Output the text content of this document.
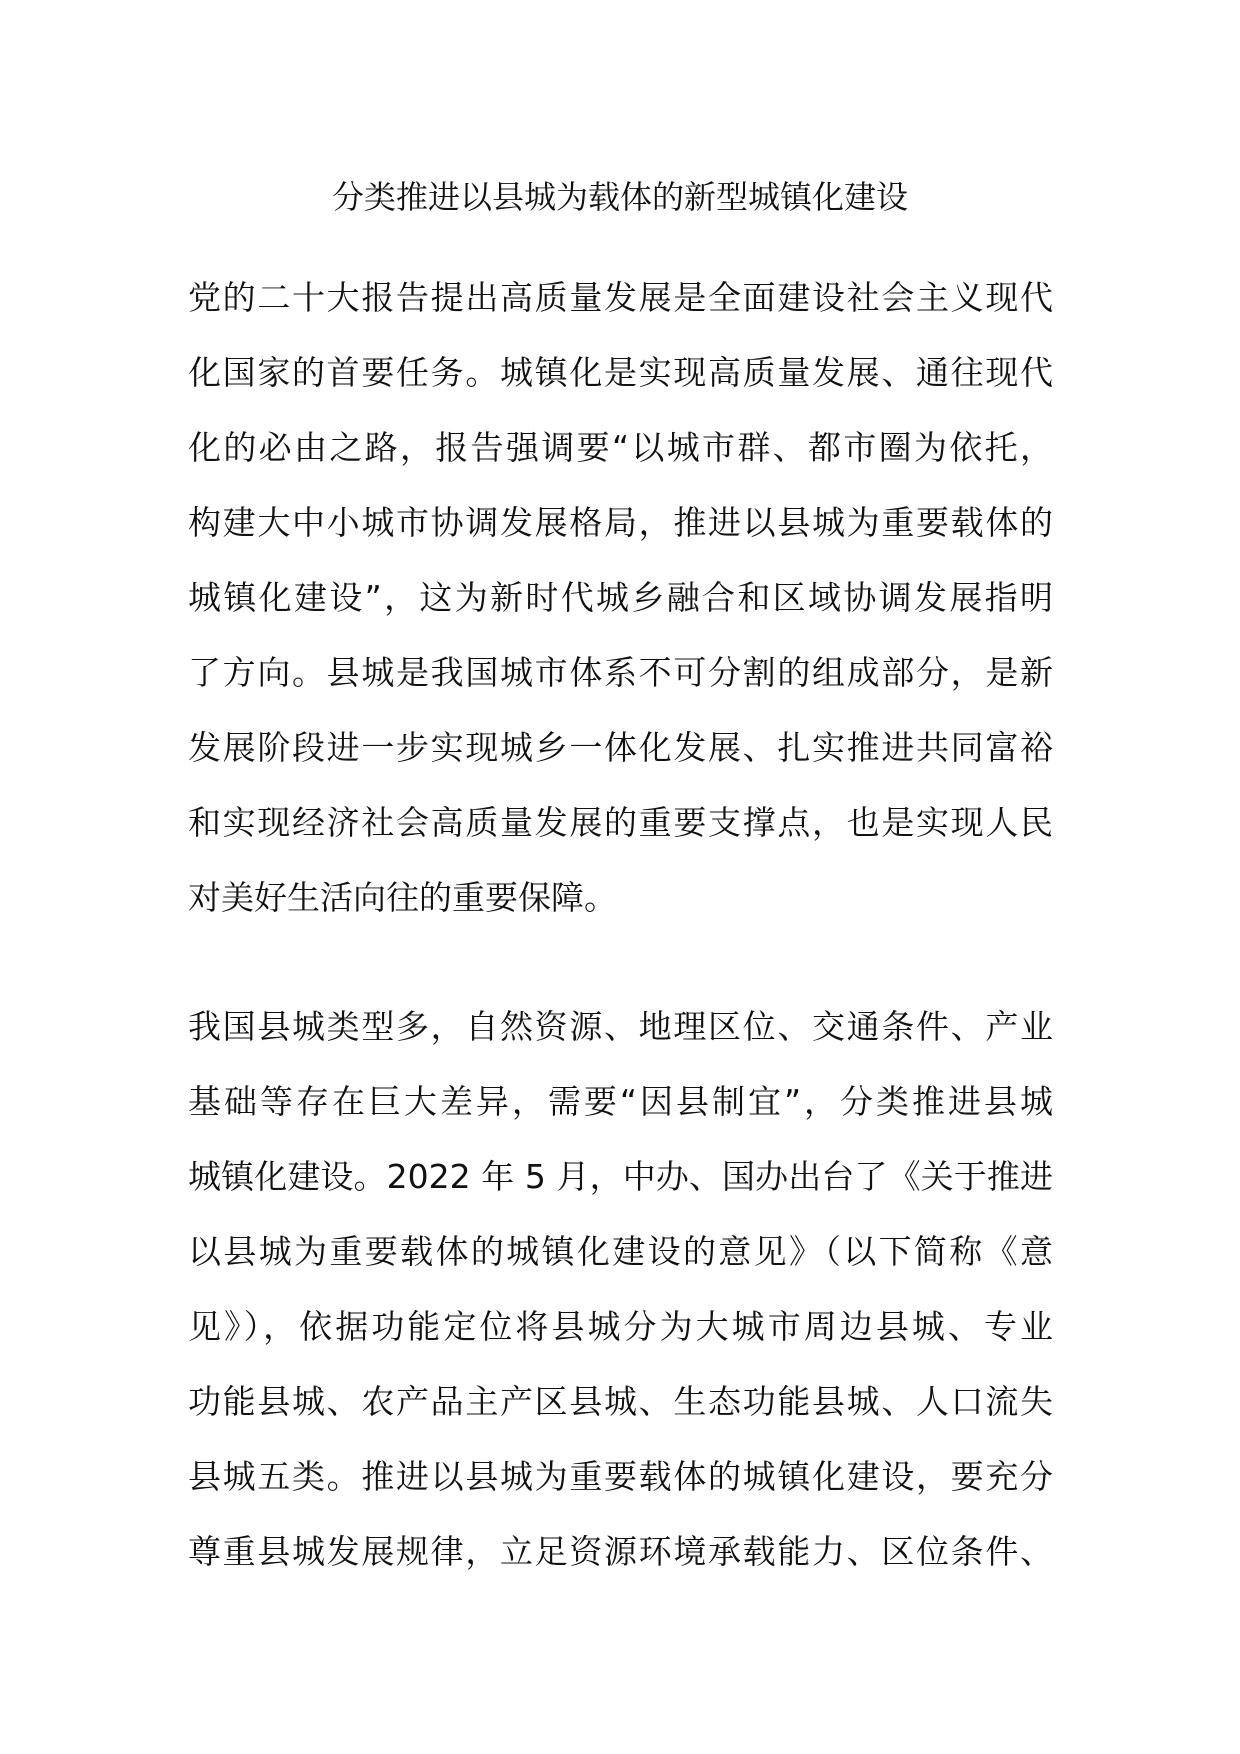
分类推进以县城为载体的新型城镇化建设
党的二十大报告提出高质量发展是全面建设社会主义现代
化国家的首要任务。城镇化是实现高质量发展、通往现代
化的必由之路，报告强调要“以城市群、都市圈为依托，
构建大中小城市协调发展格局，推进以县城为重要载体的
城镇化建设”，这为新时代城乡融合和区域协调发展指明
了方向。县城是我国城市体系不可分割的组成部分，是新
发展阶段进一步实现城乡一体化发展、扎实推进共同富裕
和实现经济社会高质量发展的重要支撑点，也是实现人民
对美好生活向往的重要保障。
我国县城类型多，自然资源、地理区位、交通条件、产业
基础等存在巨大差异，需要“因县制宜”，分类推进县城
城镇化建设。2022 年 5 月，中办、国办出台了《关于推进
以县城为重要载体的城镇化建设的意见》（以下简称《意
见》），依据功能定位将县城分为大城市周边县城、专业
功能县城、农产品主产区县城、生态功能县城、人口流失
县城五类。推进以县城为重要载体的城镇化建设，要充分
尊重县城发展规律，立足资源环境承载能力、区位条件、
